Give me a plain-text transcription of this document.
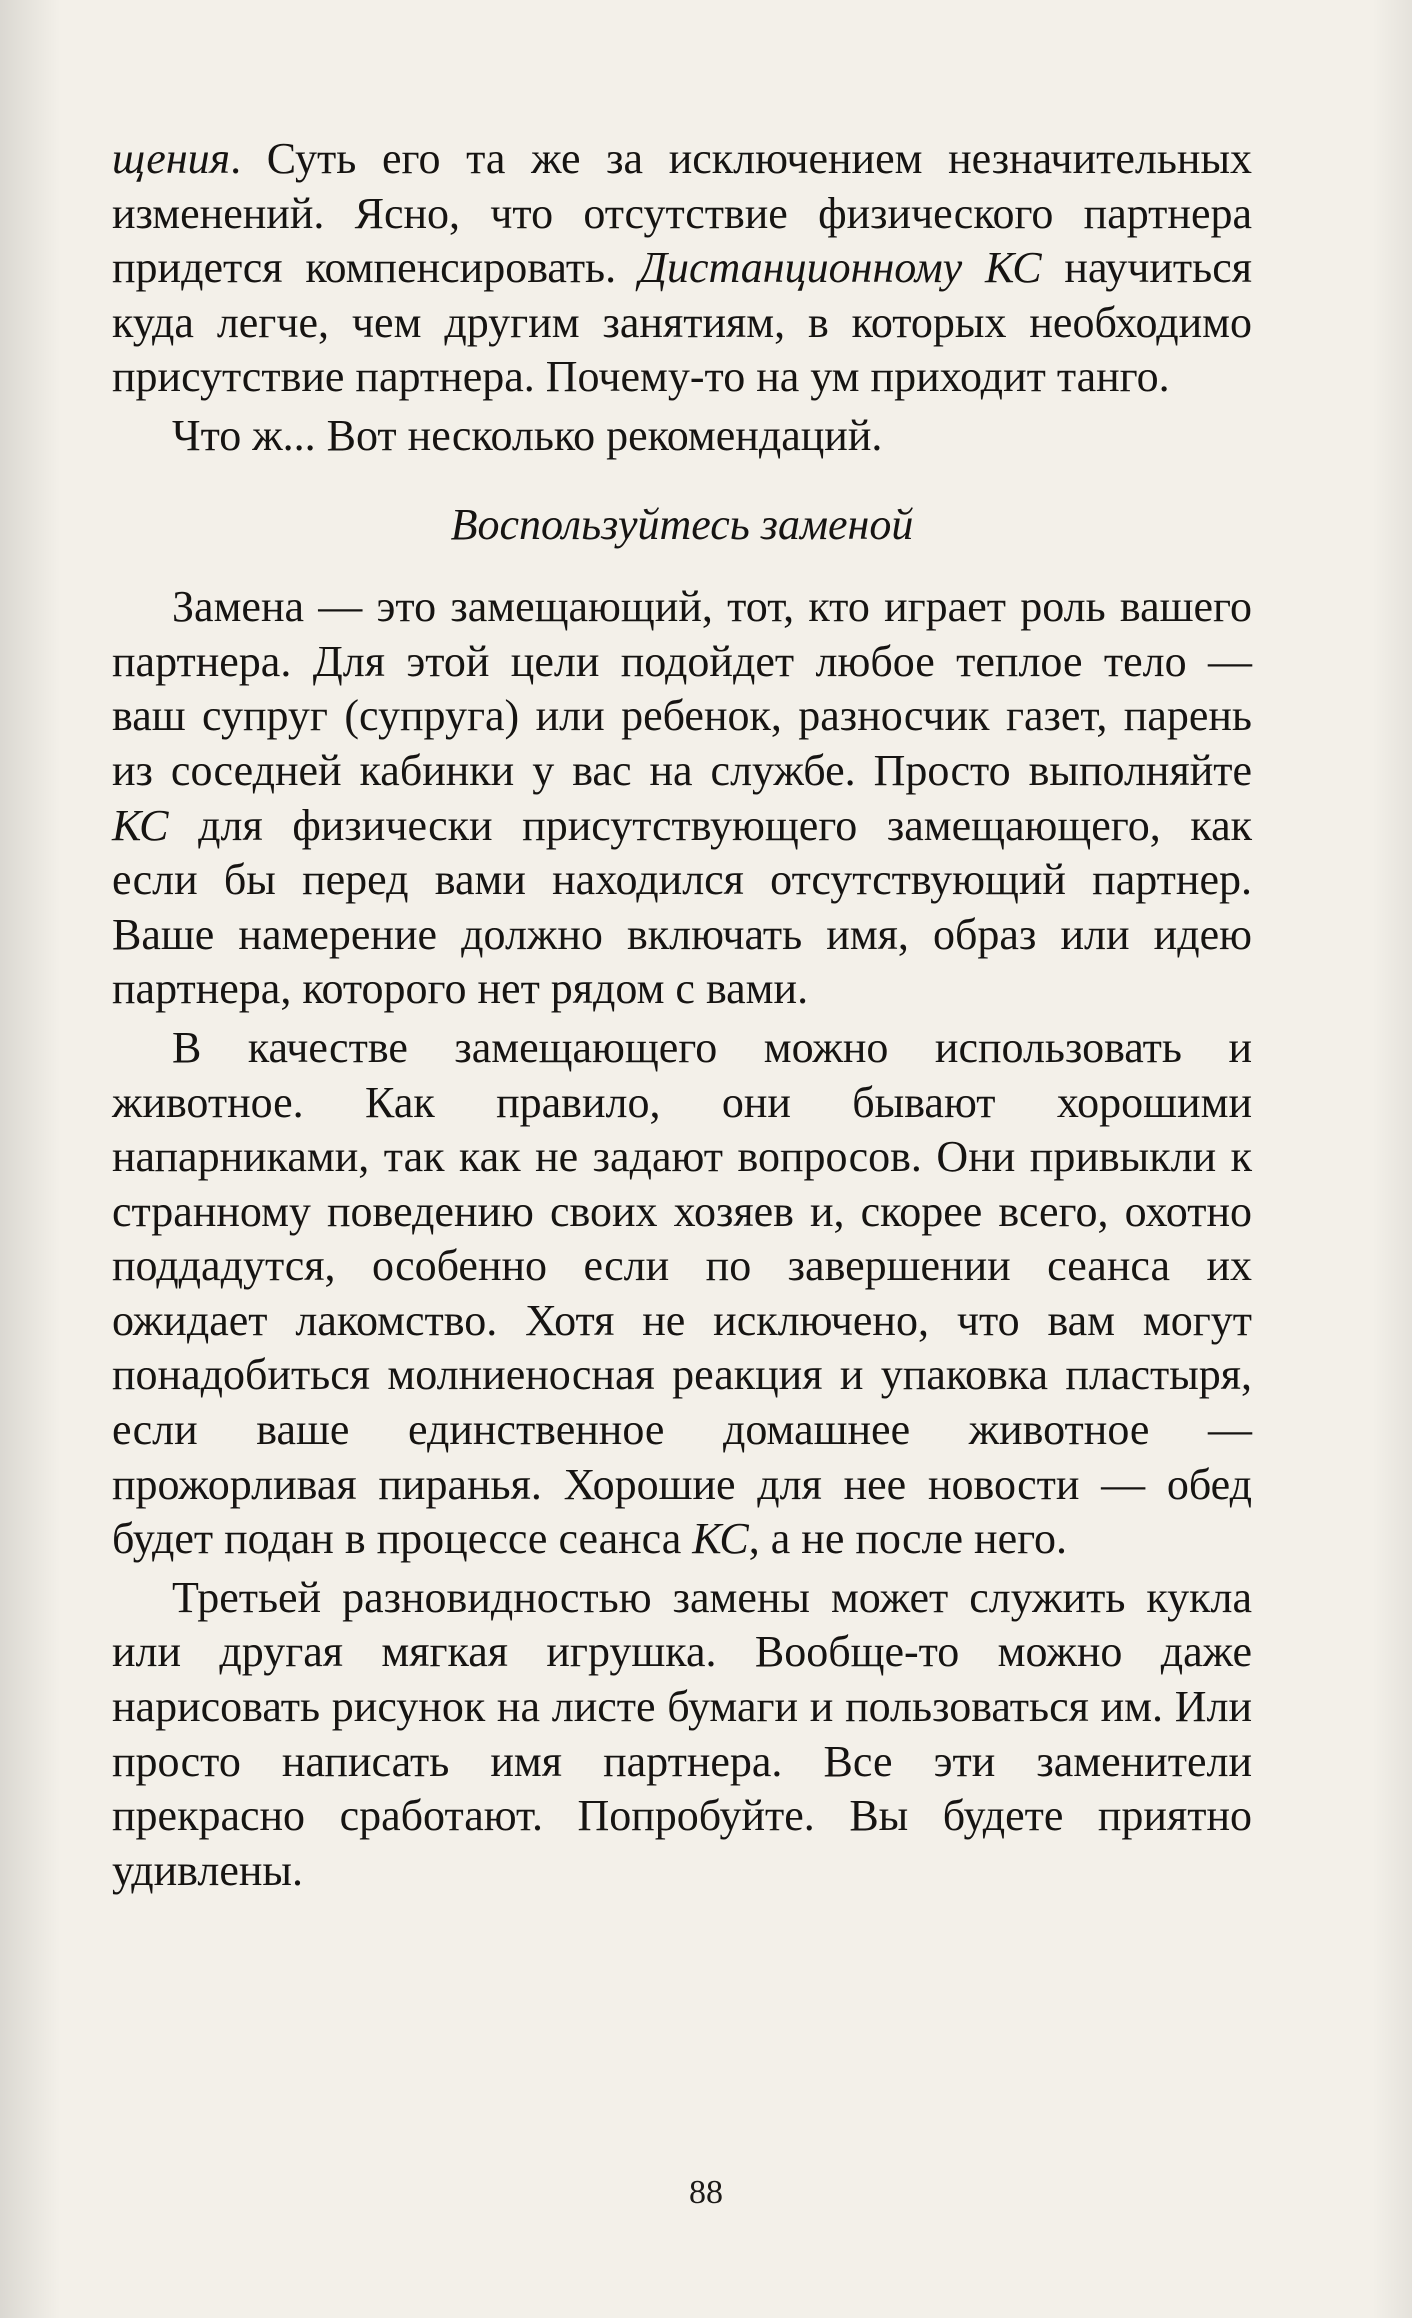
щения. Суть его та же за исключением незначительных изменений. Ясно, что отсутствие физического партнера придется компенсировать. Дистанционному КС научиться куда легче, чем другим занятиям, в которых необходимо присутствие партнера. Почему-то на ум приходит танго.

Что ж... Вот несколько рекомендаций.

Воспользуйтесь заменой

Замена — это замещающий, тот, кто играет роль вашего партнера. Для этой цели подойдет любое теплое тело — ваш супруг (супруга) или ребенок, разносчик газет, парень из соседней кабинки у вас на службе. Просто выполняйте КС для физически присутствующего замещающего, как если бы перед вами находился отсутствующий партнер. Ваше намерение должно включать имя, образ или идею партнера, которого нет рядом с вами.

В качестве замещающего можно использовать и животное. Как правило, они бывают хорошими напарниками, так как не задают вопросов. Они привыкли к странному поведению своих хозяев и, скорее всего, охотно поддадутся, особенно если по завершении сеанса их ожидает лакомство. Хотя не исключено, что вам могут понадобиться молниеносная реакция и упаковка пластыря, если ваше единственное домашнее животное — прожорливая пиранья. Хорошие для нее новости — обед будет подан в процессе сеанса КС, а не после него.

Третьей разновидностью замены может служить кукла или другая мягкая игрушка. Вообще-то можно даже нарисовать рисунок на листе бумаги и пользоваться им. Или просто написать имя партнера. Все эти заменители прекрасно сработают. Попробуйте. Вы будете приятно удивлены.

88
